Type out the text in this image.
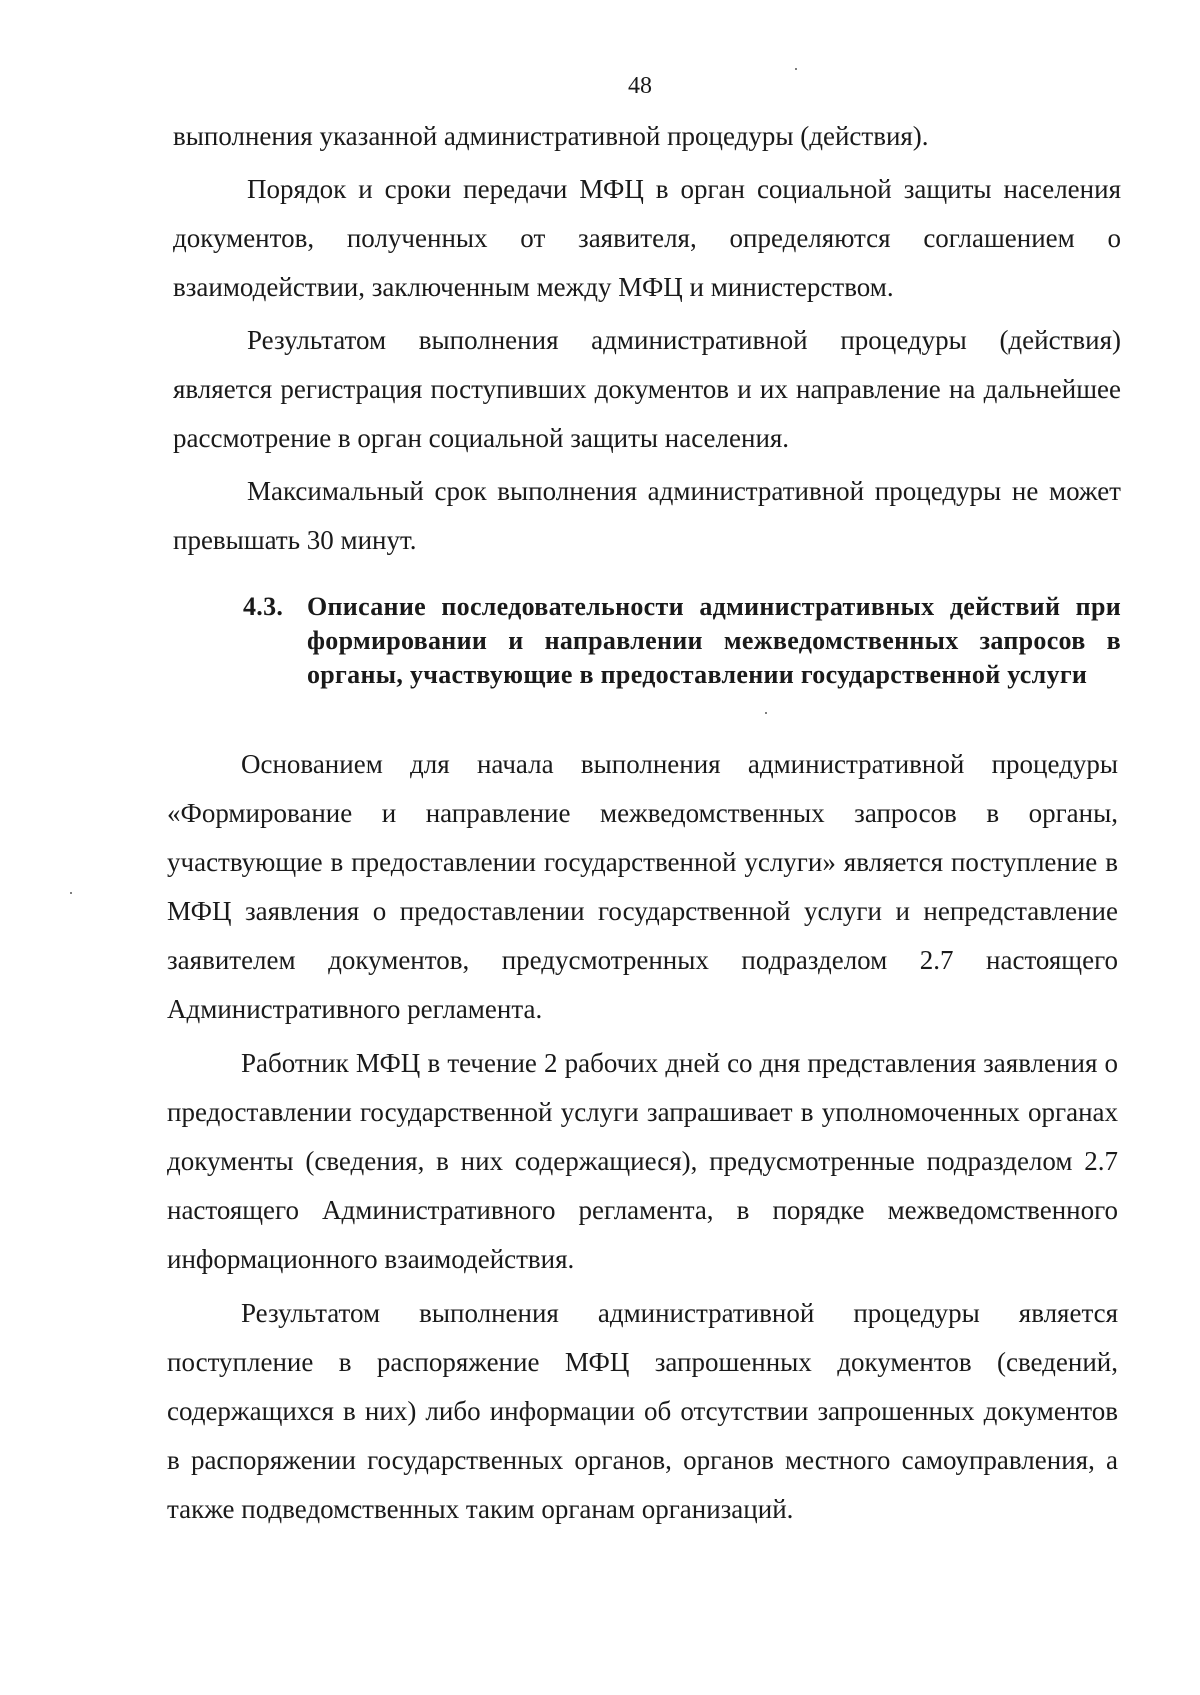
48

выполнения указанной административной процедуры (действия).

Порядок и сроки передачи МФЦ в орган социальной защиты населения документов, полученных от заявителя, определяются соглашением о взаимодействии, заключенным между МФЦ и министерством.

Результатом выполнения административной процедуры (действия) является регистрация поступивших документов и их направление на дальнейшее рассмотрение в орган социальной защиты населения.

Максимальный срок выполнения административной процедуры не может превышать 30 минут.

4.3. Описание последовательности административных действий при формировании и направлении межведомственных запросов в органы, участвующие в предоставлении государственной услуги

Основанием для начала выполнения административной процедуры «Формирование и направление межведомственных запросов в органы, участвующие в предоставлении государственной услуги» является поступление в МФЦ заявления о предоставлении государственной услуги и непредставление заявителем документов, предусмотренных подразделом 2.7 настоящего Административного регламента.

Работник МФЦ в течение 2 рабочих дней со дня представления заявления о предоставлении государственной услуги запрашивает в уполномоченных органах документы (сведения, в них содержащиеся), предусмотренные подразделом 2.7 настоящего Административного регламента, в порядке межведомственного информационного взаимодействия.

Результатом выполнения административной процедуры является поступление в распоряжение МФЦ запрошенных документов (сведений, содержащихся в них) либо информации об отсутствии запрошенных документов в распоряжении государственных органов, органов местного самоуправления, а также подведомственных таким органам организаций.
